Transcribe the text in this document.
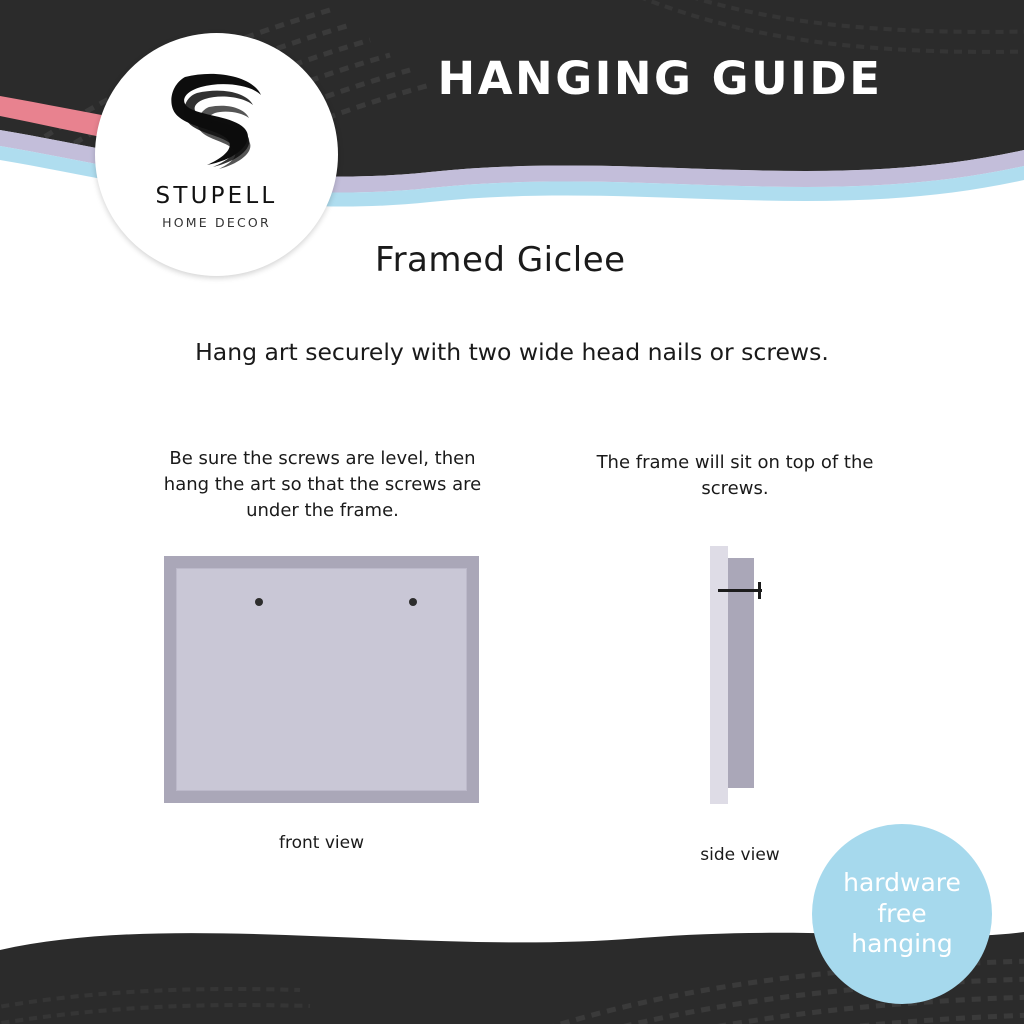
HANGING GUIDE
STUPELL
HOME DECOR
Framed Giclee
Hang art securely with two wide head nails or screws.
Be sure the screws are level, then hang the art so that the screws are under the frame.
front view
The frame will sit on top of the screws.
side view
hardware
free
hanging
